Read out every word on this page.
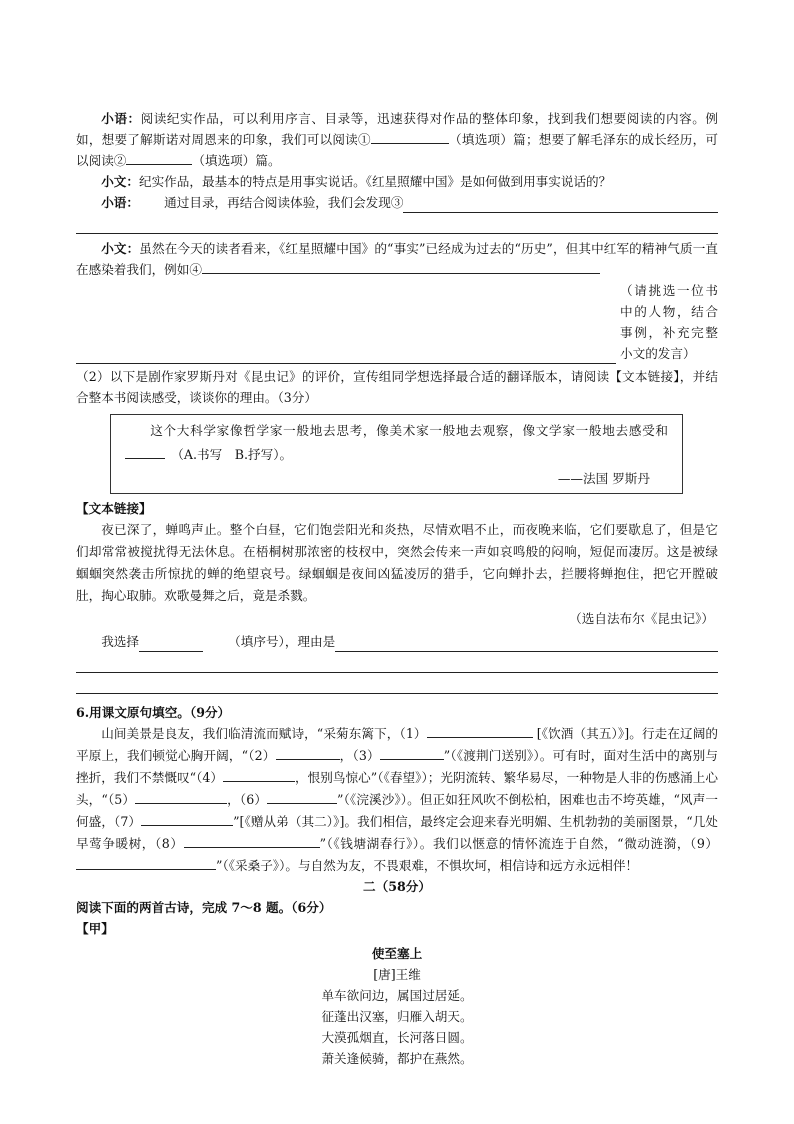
小语：阅读纪实作品，可以利用序言、目录等，迅速获得对作品的整体印象，找到我们想要阅读的内容。例如，想要了解斯诺对周恩来的印象，我们可以阅读①	（填选项）篇；想要了解毛泽东的成长经历，可以阅读②	（填选项）篇。

小文：纪实作品，最基本的特点是用事实说话。《红星照耀中国》是如何做到用事实说话的？

小语：	通过目录，再结合阅读体验，我们会发现③

小文：虽然在今天的读者看来，《红星照耀中国》的“事实”已经成为过去的“历史”，但其中红军的精神气质一直在感染着我们，例如④

（请挑选一位书中的人物，结合事例，补充完整小文的发言）

（2）以下是剧作家罗斯丹对《昆虫记》的评价，宣传组同学想选择最合适的翻译版本，请阅读【文本链接】，并结合整本书阅读感受，谈谈你的理由。（3分）

这个大科学家像哲学家一般地去思考，像美术家一般地去观察，像文学家一般地去感受和　（A.书写　B.抒写）。

——法国 罗斯丹

【文本链接】

夜已深了，蝉鸣声止。整个白昼，它们饱尝阳光和炎热，尽情欢唱不止，而夜晚来临，它们要歇息了，但是它们却常常被搅扰得无法休息。在梧桐树那浓密的枝杈中，突然会传来一声如哀鸣般的闷响，短促而凄厉。这是被绿蝈蝈突然袭击所惊扰的蝉的绝望哀号。绿蝈蝈是夜间凶猛凌厉的猎手，它向蝉扑去，拦腰将蝉抱住，把它开膛破肚，掏心取肺。欢歌曼舞之后，竟是杀戮。

（选自法布尔《昆虫记》）

我选择	（填序号），理由是

6.用课文原句填空。（9分）

山间美景是良友，我们临清流而赋诗，“采菊东篱下，（1）	[《饮酒（其五）》]。行走在辽阔的平原上，我们顿觉心胸开阔，“（2）	，（3）	”（《渡荆门送别》）。可有时，面对生活中的离别与挫折，我们不禁慨叹“（4）	，恨别鸟惊心”（《春望》）；光阴流转、繁华易尽，一种物是人非的伤感涌上心头，“（5）	，（6）	”（《浣溪沙》）。但正如狂风吹不倒松柏，困难也击不垮英雄，“风声一何盛，（7）	”[《赠从弟（其二）》]。我们相信，最终定会迎来春光明媚、生机勃勃的美丽图景，“几处早莺争暖树，（8）	”（《钱塘湖春行》）。我们以惬意的情怀流连于自然，“微动涟漪，（9）”（《采桑子》）。与自然为友，不畏艰难，不惧坎坷，相信诗和远方永远相伴！

二（58分）

阅读下面的两首古诗，完成 7～8 题。（6分）

【甲】

使至塞上
[唐]王维
单车欲问边，属国过居延。
征蓬出汉塞，归雁入胡天。
大漠孤烟直，长河落日圆。
萧关逢候骑，都护在燕然。
